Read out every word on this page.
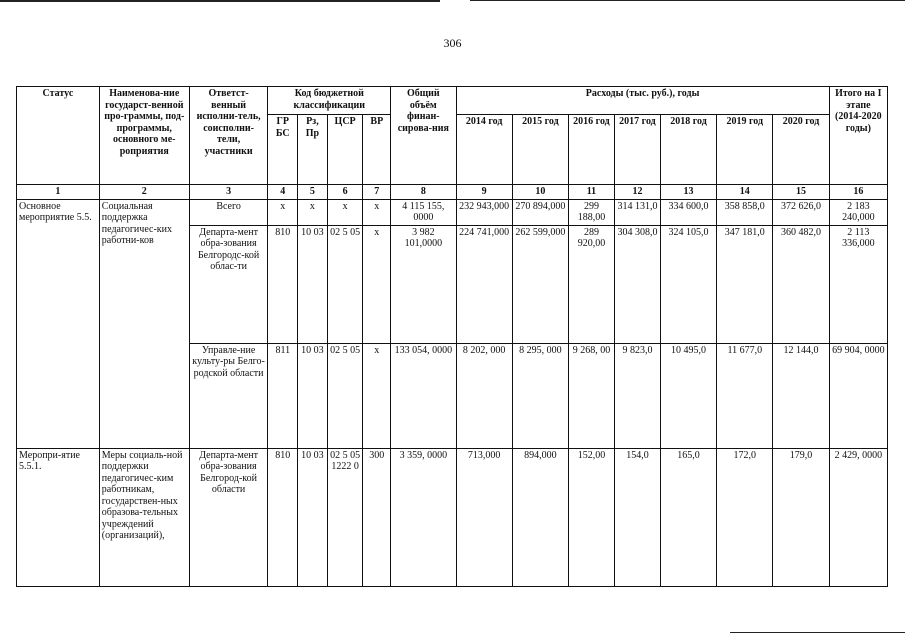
306
Статус	Наименова-ние государст-венной про-граммы, под-программы, основного ме-роприятия	Ответст-венный исполни-тель, соисполни-тели, участники	Код бюджетной классификации				Общий объём финан-сирова-ния	Расходы (тыс. руб.), годы							Итого на I этапе (2014-2020 годы)
			ГР БС	Рз, Пр	ЦСР	ВР		2014 год	2015 год	2016 год	2017 год	2018 год	2019 год	2020 год	
1	2	3	4	5	6	7	8	9	10	11	12	13	14	15	16
Основное мероприятие 5.5.	Социальная поддержка педагогичес-ких работни-ков	Всего	х	х	х	х	4 115 155, 0000	232 943,000	270 894,000	299 188,00	314 131,0	334 600,0	358 858,0	372 626,0	2 183 240,000
		Департа-мент обра-зования Белгородс-кой облас-ти	810	10 03	02 5 05	х	3 982 101,0000	224 741,000	262 599,000	289 920,00	304 308,0	324 105,0	347 181,0	360 482,0	2 113 336,000
		Управле-ние культу-ры Белго-родской области	811	10 03	02 5 05	х	133 054, 0000	8 202, 000	8 295, 000	9 268, 00	9 823,0	10 495,0	11 677,0	12 144,0	69 904, 0000
Меропри-ятие 5.5.1.	Меры социаль-ной поддержки педагогичес-ким работникам, государствен-ных образова-тельных учреждений (организаций),	Департа-мент обра-зования Белгород-кой области	810	10 03	02 5 05 1222 0	300	3 359, 0000	713,000	894,000	152,00	154,0	165,0	172,0	179,0	2 429, 0000
